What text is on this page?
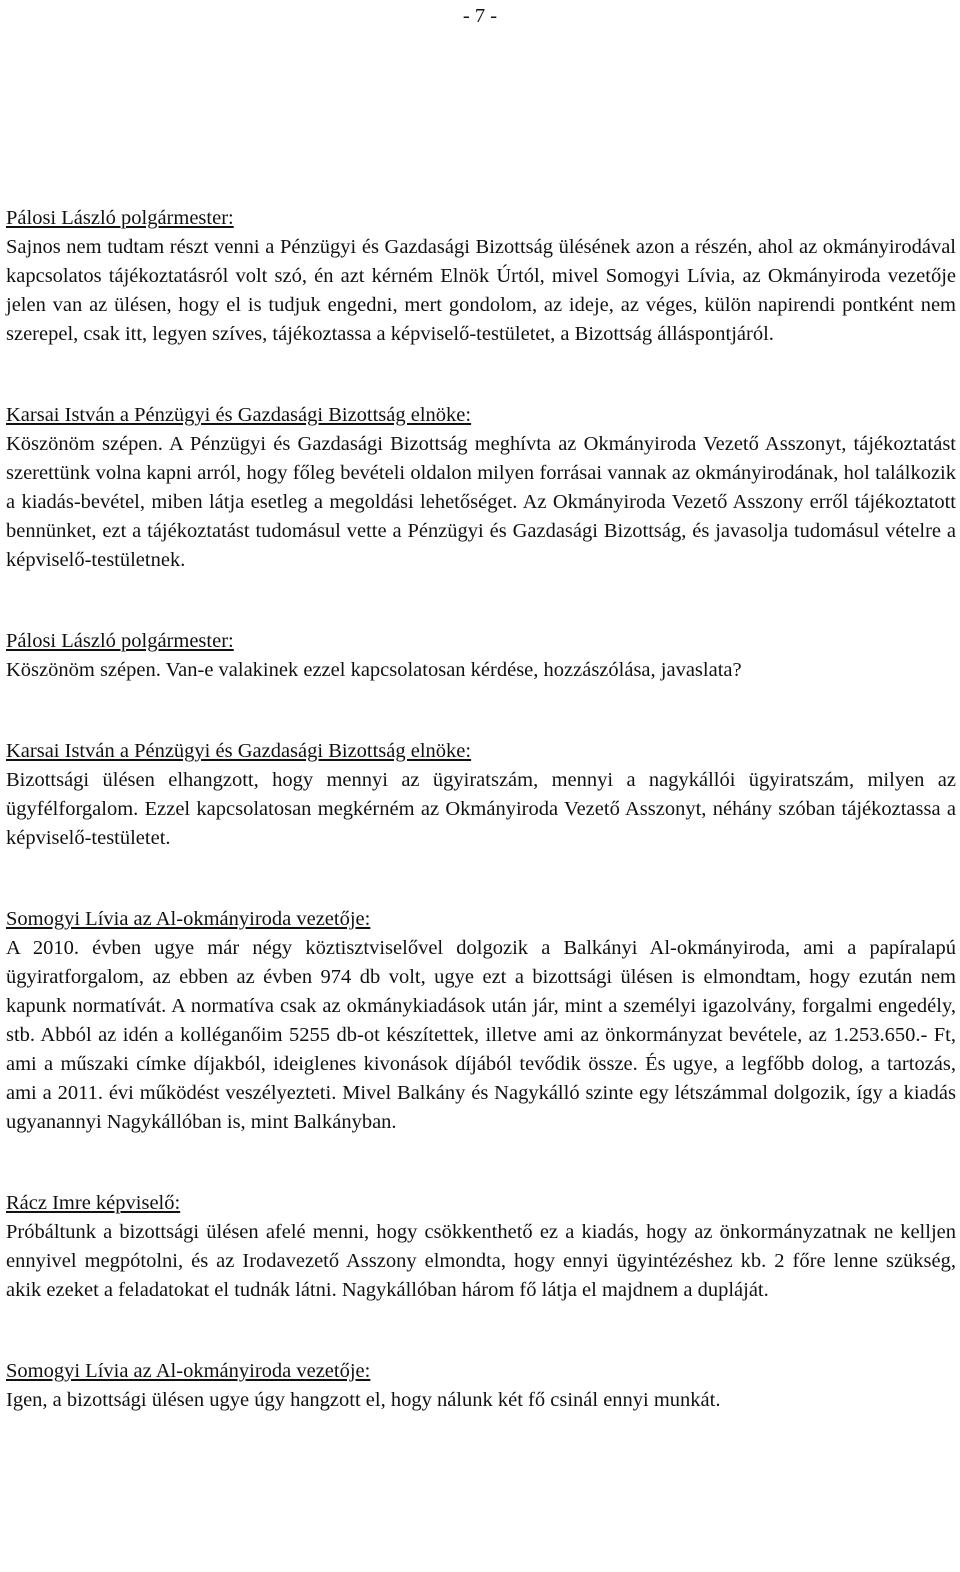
- 7 -
Pálosi László polgármester:

Sajnos nem tudtam részt venni a Pénzügyi és Gazdasági Bizottság ülésének azon a részén, ahol az okmányirodával kapcsolatos tájékoztatásról volt szó, én azt kérném Elnök Úrtól, mivel Somogyi Lívia, az Okmányiroda vezetője jelen van az ülésen, hogy el is tudjuk engedni, mert gondolom, az ideje, az véges, külön napirendi pontként nem szerepel, csak itt, legyen szíves, tájékoztassa a képviselő-testületet, a Bizottság álláspontjáról.

Karsai István a Pénzügyi és Gazdasági Bizottság elnöke:

Köszönöm szépen. A Pénzügyi és Gazdasági Bizottság meghívta az Okmányiroda Vezető Asszonyt, tájékoztatást szerettünk volna kapni arról, hogy főleg bevételi oldalon milyen forrásai vannak az okmányirodának, hol találkozik a kiadás-bevétel, miben látja esetleg a megoldási lehetőséget. Az Okmányiroda Vezető Asszony erről tájékoztatott bennünket, ezt a tájékoztatást tudomásul vette a Pénzügyi és Gazdasági Bizottság, és javasolja tudomásul vételre a képviselő-testületnek.

Pálosi László polgármester:

Köszönöm szépen. Van-e valakinek ezzel kapcsolatosan kérdése, hozzászólása, javaslata?

Karsai István a Pénzügyi és Gazdasági Bizottság elnöke:

Bizottsági ülésen elhangzott, hogy mennyi az ügyiratszám, mennyi a nagykállói ügyiratszám, milyen az ügyfélforgalom. Ezzel kapcsolatosan megkérném az Okmányiroda Vezető Asszonyt, néhány szóban tájékoztassa a képviselő-testületet.

Somogyi Lívia az Al-okmányiroda vezetője:

A 2010. évben ugye már négy köztisztviselővel dolgozik a Balkányi Al-okmányiroda, ami a papíralapú ügyiratforgalom, az ebben az évben 974 db volt, ugye ezt a bizottsági ülésen is elmondtam, hogy ezután nem kapunk normatívát. A normatíva csak az okmánykiadások után jár, mint a személyi igazolvány, forgalmi engedély, stb. Abból az idén a kolléganőim 5255 db-ot készítettek, illetve ami az önkormányzat bevétele, az 1.253.650.- Ft, ami a műszaki címke díjakból, ideiglenes kivonások díjából tevődik össze. És ugye, a legfőbb dolog, a tartozás, ami a 2011. évi működést veszélyezteti. Mivel Balkány és Nagykálló szinte egy létszámmal dolgozik, így a kiadás ugyanannyi Nagykállóban is, mint Balkányban.

Rácz Imre képviselő:

Próbáltunk a bizottsági ülésen afelé menni, hogy csökkenthető ez a kiadás, hogy az önkormányzatnak ne kelljen ennyivel megpótolni, és az Irodavezető Asszony elmondta, hogy ennyi ügyintézéshez kb. 2 főre lenne szükség, akik ezeket a feladatokat el tudnák látni. Nagykállóban három fő látja el majdnem a dupláját.

Somogyi Lívia az Al-okmányiroda vezetője:

Igen, a bizottsági ülésen ugye úgy hangzott el, hogy nálunk két fő csinál ennyi munkát.
